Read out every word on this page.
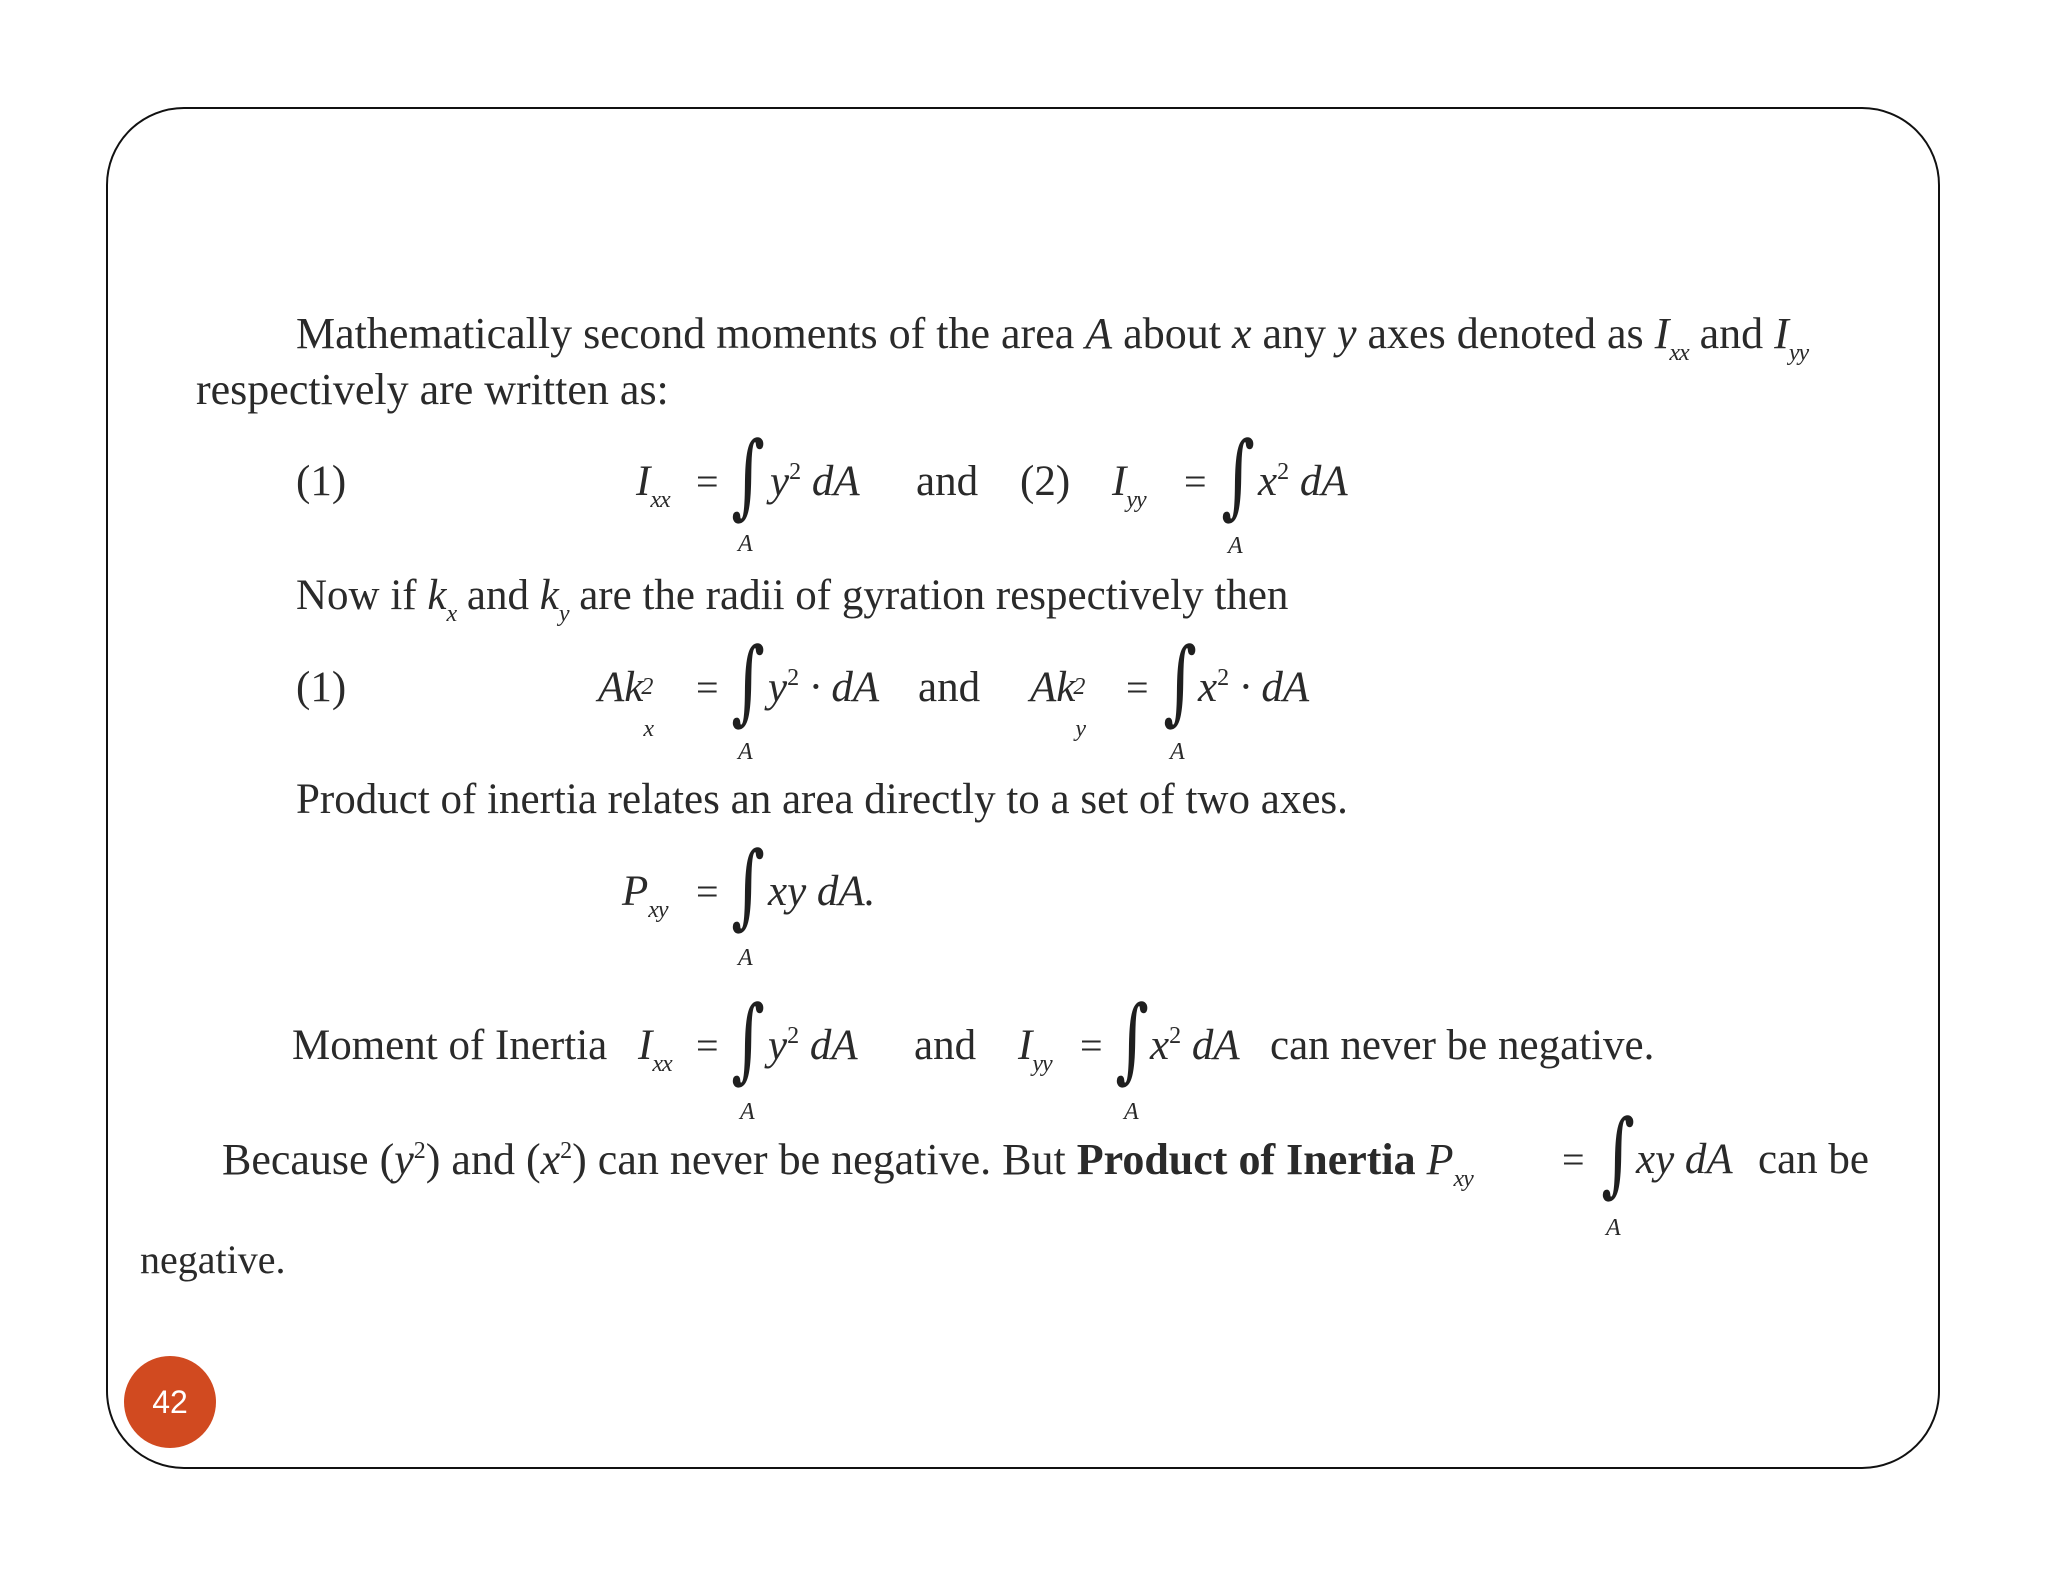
Mathematically second moments of the area A about x any y axes denoted as $I_{xx}$ and $I_{yy}$
respectively are written as:
(1)	$I_{xx}$ = ∫ $y^2$ dA
A
and (2) $I_{yy}$ = ∫ $x^2$ dA
A
Now if $k_x$ and $k_y$ are the radii of gyration respectively then
(1)	Ak
2
x
= ∫ $y^2$ · dA
A
and Ak
2
y
= ∫ $x^2$ · dA
A
Product of inertia relates an area directly to a set of two axes.
$P_{xy}$ = ∫ xy dA.
A
Moment of Inertia $I_{xx}$ = ∫ $y^2$ dA
A
and $I_{yy}$ = ∫ $x^2$ dA
A
can never be negative.
Because $(y^2)$ and $(x^2)$ can never be negative. But Product of Inertia $P_{xy}$ = ∫ xy dA can be
A
negative.
42
